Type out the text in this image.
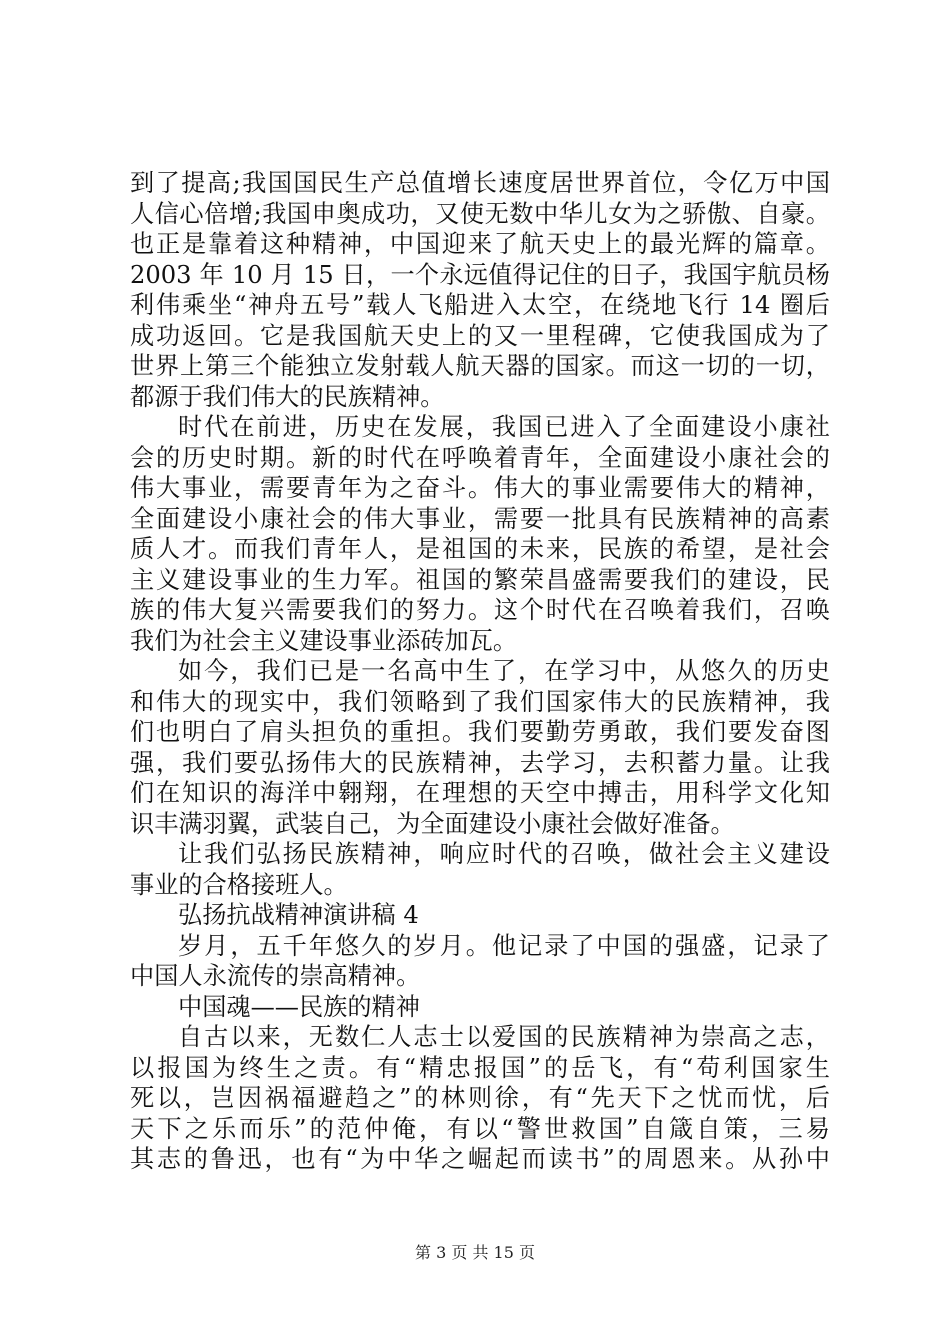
到了提高;我国国民生产总值增长速度居世界首位，令亿万中国
人信心倍增;我国申奥成功，又使无数中华儿女为之骄傲、自豪。
也正是靠着这种精神，中国迎来了航天史上的最光辉的篇章。
2003 年 10 月 15 日，一个永远值得记住的日子，我国宇航员杨
利伟乘坐“神舟五号”载人飞船进入太空，在绕地飞行 14 圈后
成功返回。它是我国航天史上的又一里程碑，它使我国成为了
世界上第三个能独立发射载人航天器的国家。而这一切的一切，
都源于我们伟大的民族精神。
时代在前进，历史在发展，我国已进入了全面建设小康社
会的历史时期。新的时代在呼唤着青年，全面建设小康社会的
伟大事业，需要青年为之奋斗。伟大的事业需要伟大的精神，
全面建设小康社会的伟大事业，需要一批具有民族精神的高素
质人才。而我们青年人，是祖国的未来，民族的希望，是社会
主义建设事业的生力军。祖国的繁荣昌盛需要我们的建设，民
族的伟大复兴需要我们的努力。这个时代在召唤着我们，召唤
我们为社会主义建设事业添砖加瓦。
如今，我们已是一名高中生了，在学习中，从悠久的历史
和伟大的现实中，我们领略到了我们国家伟大的民族精神，我
们也明白了肩头担负的重担。我们要勤劳勇敢，我们要发奋图
强，我们要弘扬伟大的民族精神，去学习，去积蓄力量。让我
们在知识的海洋中翱翔，在理想的天空中搏击，用科学文化知
识丰满羽翼，武装自己，为全面建设小康社会做好准备。
让我们弘扬民族精神，响应时代的召唤，做社会主义建设
事业的合格接班人。
弘扬抗战精神演讲稿 4
岁月，五千年悠久的岁月。他记录了中国的强盛，记录了
中国人永流传的崇高精神。
中国魂——民族的精神
自古以来，无数仁人志士以爱国的民族精神为崇高之志，
以报国为终生之责。有“精忠报国”的岳飞，有“苟利国家生
死以，岂因祸福避趋之”的林则徐，有“先天下之忧而忧，后
天下之乐而乐”的范仲俺，有以“警世救国”自箴自策，三易
其志的鲁迅，也有“为中华之崛起而读书”的周恩来。从孙中
第 3 页 共 15 页
